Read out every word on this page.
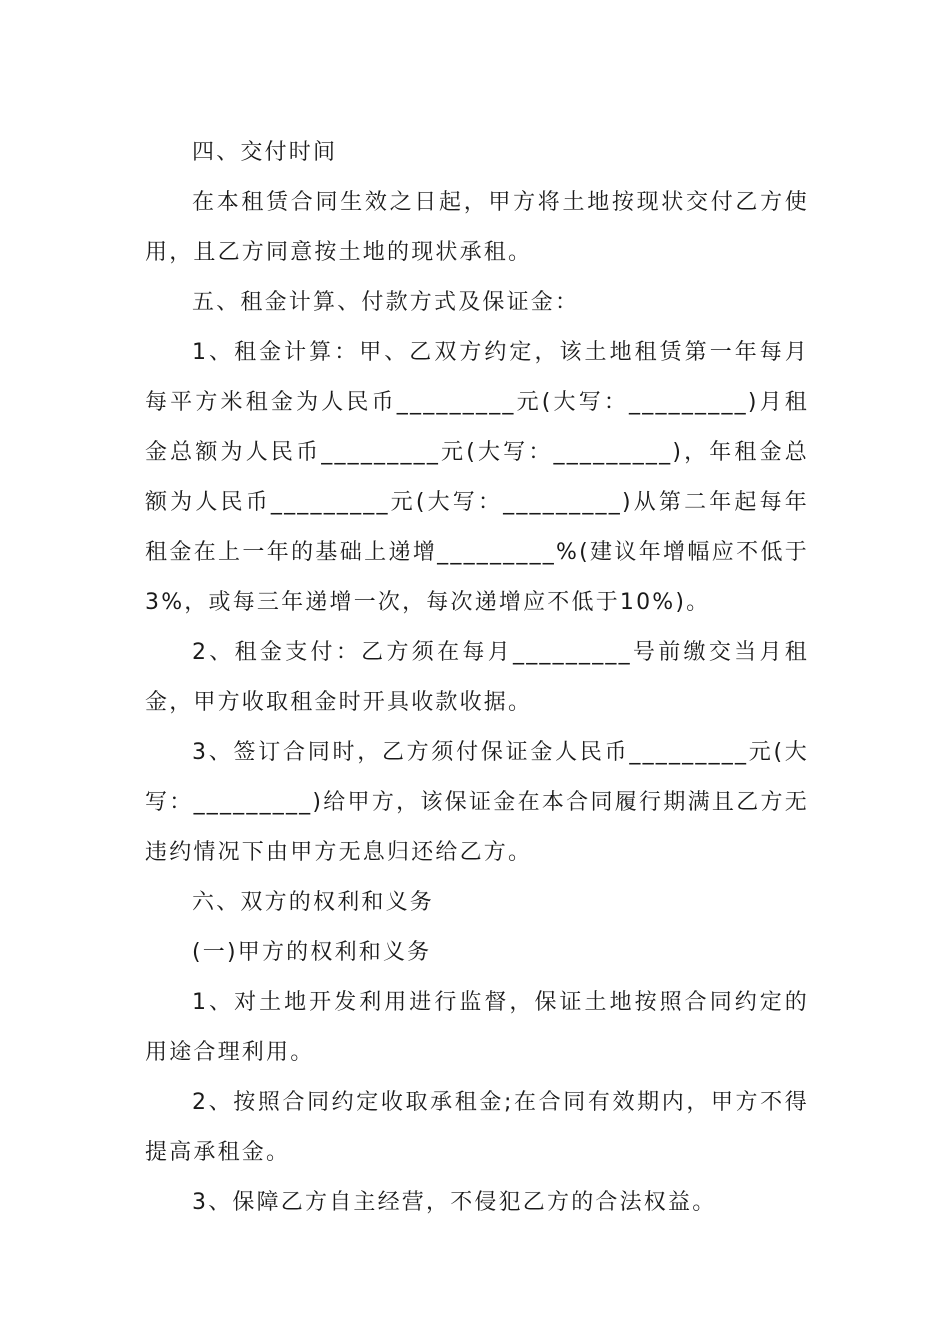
四、交付时间

在本租赁合同生效之日起，甲方将土地按现状交付乙方使用，且乙方同意按土地的现状承租。

五、租金计算、付款方式及保证金：

1、租金计算：甲、乙双方约定，该土地租赁第一年每月每平方米租金为人民币_________元(大写：_________)月租金总额为人民币_________元(大写：_________)，年租金总额为人民币_________元(大写：_________)从第二年起每年租金在上一年的基础上递增_________%(建议年增幅应不低于3%，或每三年递增一次，每次递增应不低于10%)。

2、租金支付：乙方须在每月_________号前缴交当月租金，甲方收取租金时开具收款收据。

3、签订合同时，乙方须付保证金人民币_________元(大写：_________)给甲方，该保证金在本合同履行期满且乙方无违约情况下由甲方无息归还给乙方。

六、双方的权利和义务

(一)甲方的权利和义务

1、对土地开发利用进行监督，保证土地按照合同约定的用途合理利用。

2、按照合同约定收取承租金;在合同有效期内，甲方不得提高承租金。

3、保障乙方自主经营，不侵犯乙方的合法权益。
